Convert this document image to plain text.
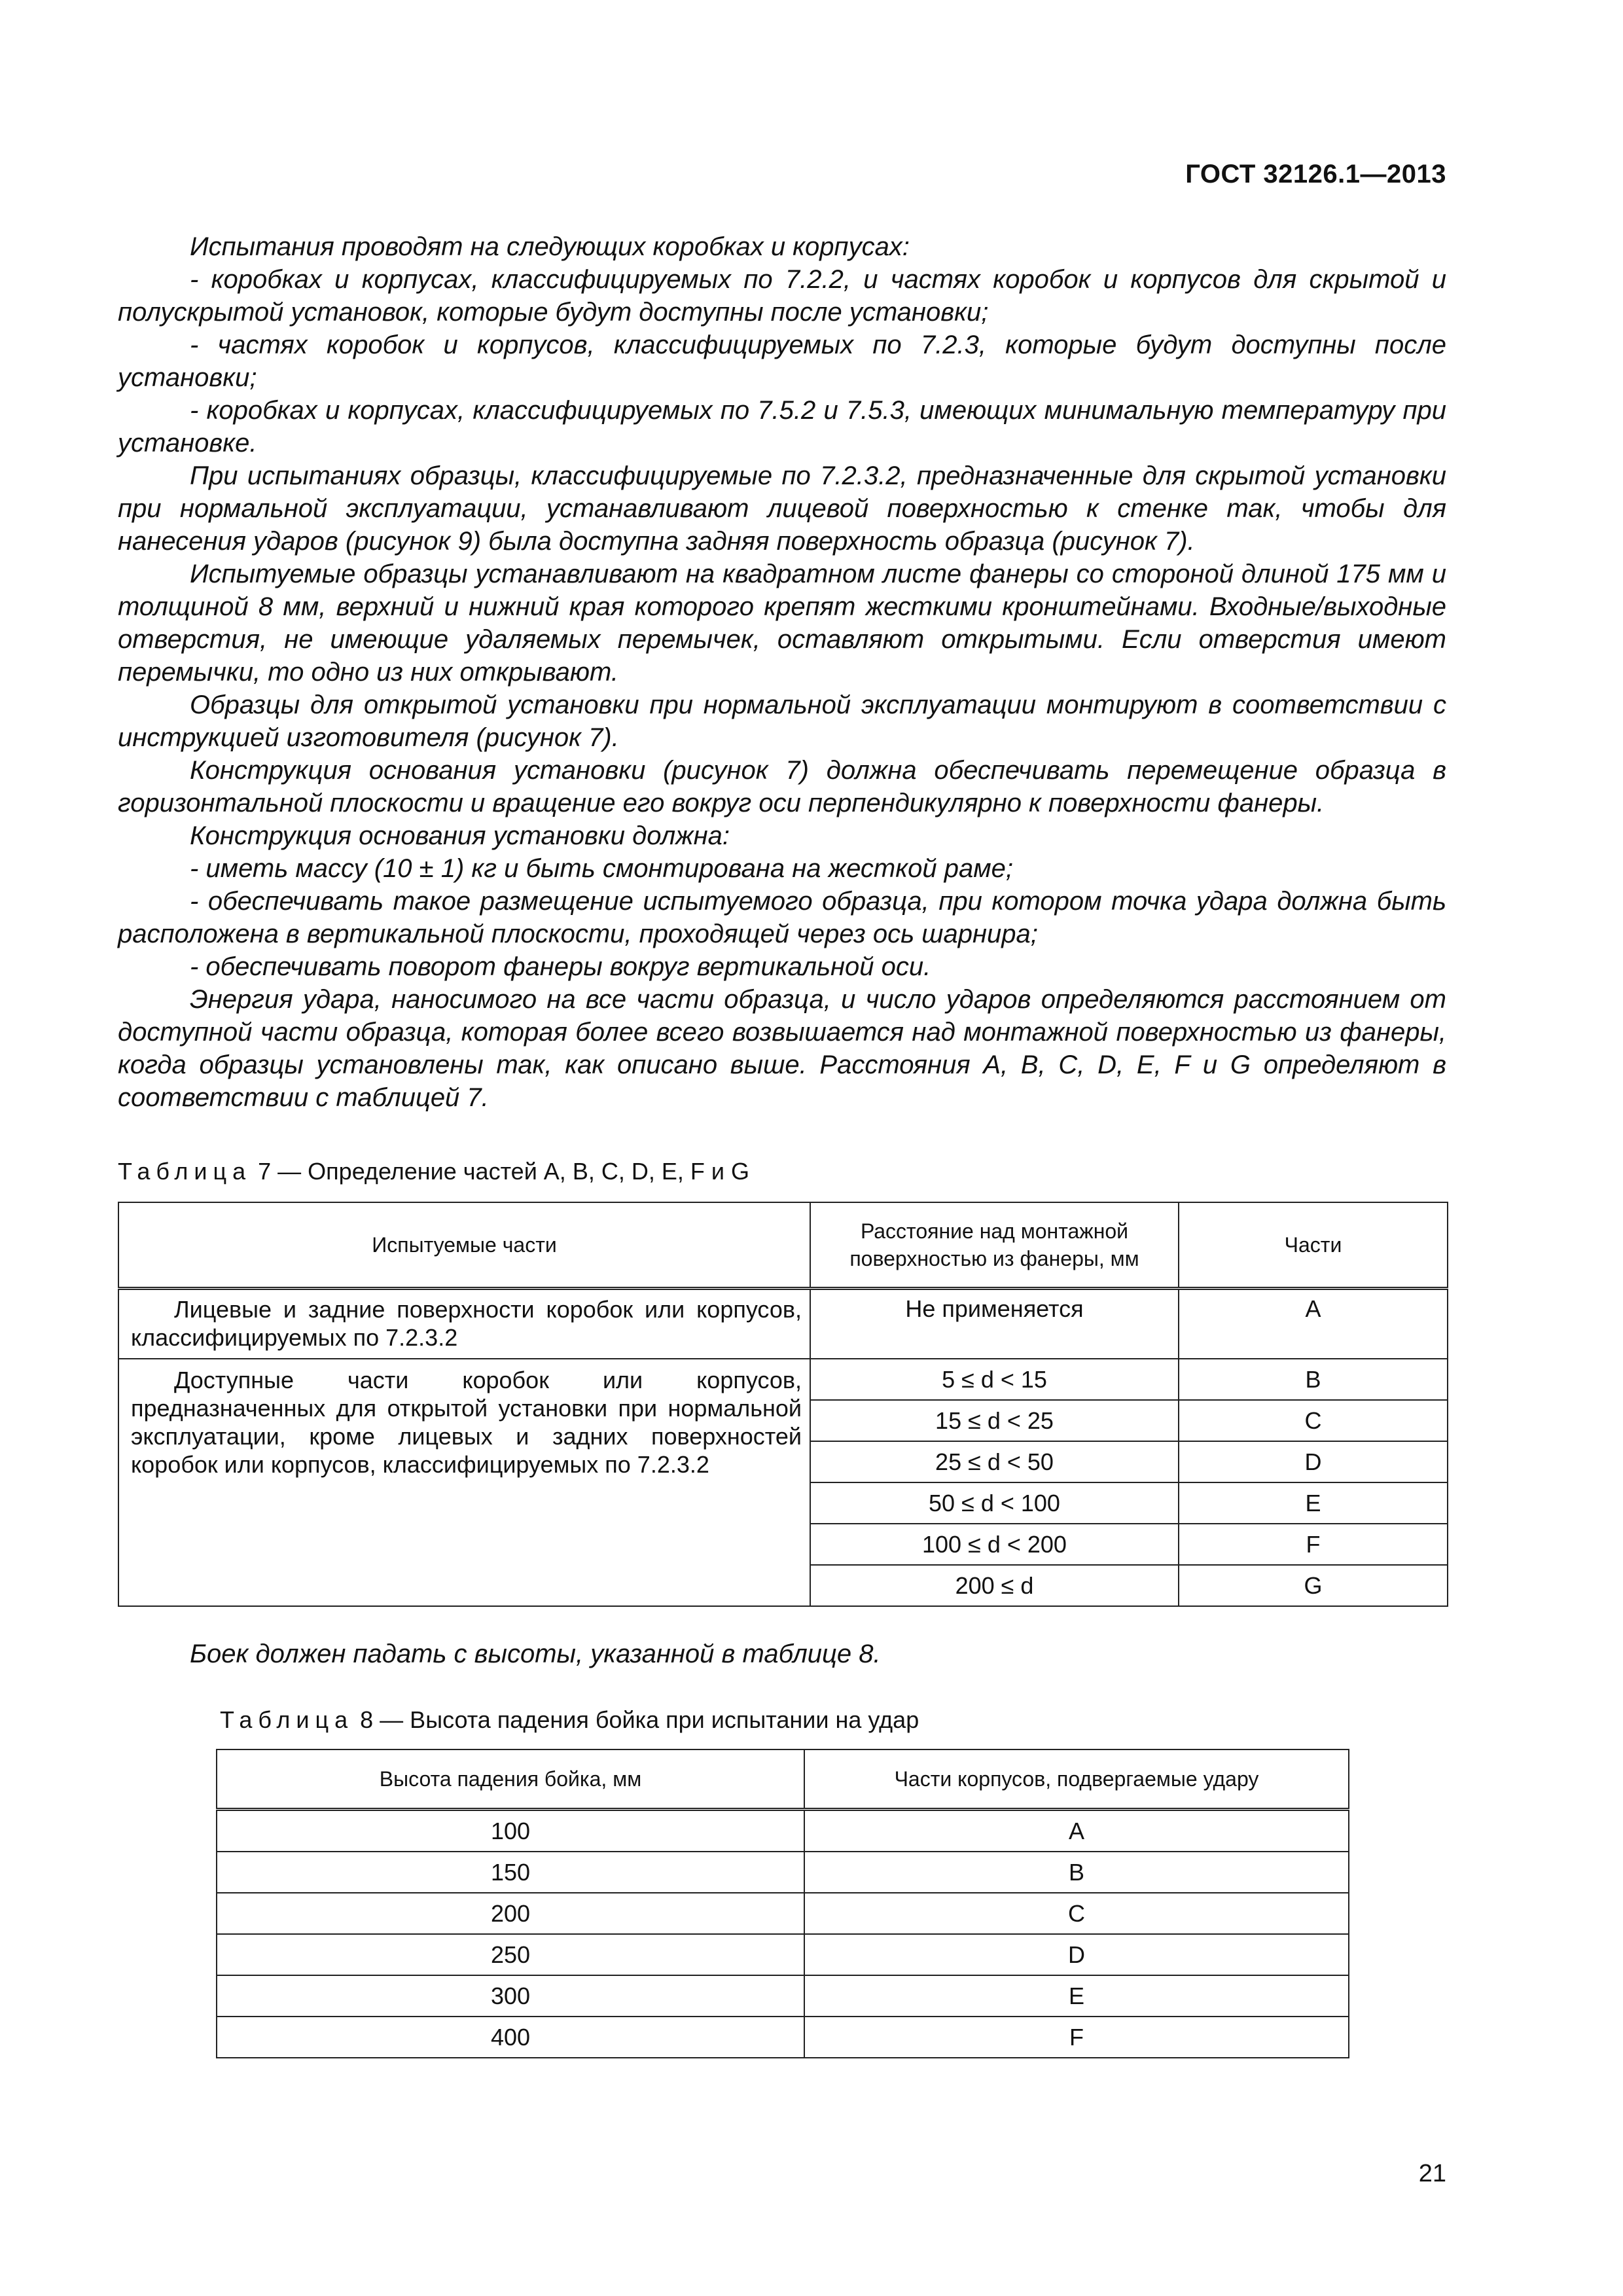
ГОСТ 32126.1—2013

Испытания проводят на следующих коробках и корпусах:

- коробках и корпусах, классифицируемых по 7.2.2, и частях коробок и корпусов для скрытой и полускрытой установок, которые будут доступны после установки;

- частях коробок и корпусов, классифицируемых по 7.2.3, которые будут доступны после установки;

- коробках и корпусах, классифицируемых по 7.5.2 и 7.5.3, имеющих минимальную температуру при установке.

При испытаниях образцы, классифицируемые по 7.2.3.2, предназначенные для скрытой установки при нормальной эксплуатации, устанавливают лицевой поверхностью к стенке так, чтобы для нанесения ударов (рисунок 9) была доступна задняя поверхность образца (рисунок 7).

Испытуемые образцы устанавливают на квадратном листе фанеры со стороной длиной 175 мм и толщиной 8 мм, верхний и нижний края которого крепят жесткими кронштейнами. Входные/выходные отверстия, не имеющие удаляемых перемычек, оставляют открытыми. Если отверстия имеют перемычки, то одно из них открывают.

Образцы для открытой установки при нормальной эксплуатации монтируют в соответствии с инструкцией изготовителя (рисунок 7).

Конструкция основания установки (рисунок 7) должна обеспечивать перемещение образца в горизонтальной плоскости и вращение его вокруг оси перпендикулярно к поверхности фанеры.

Конструкция основания установки должна:

- иметь массу (10 ± 1) кг и быть смонтирована на жесткой раме;

- обеспечивать такое размещение испытуемого образца, при котором точка удара должна быть расположена в вертикальной плоскости, проходящей через ось шарнира;

- обеспечивать поворот фанеры вокруг вертикальной оси.

Энергия удара, наносимого на все части образца, и число ударов определяются расстоянием от доступной части образца, которая более всего возвышается над монтажной поверхностью из фанеры, когда образцы установлены так, как описано выше. Расстояния A, B, C, D, E, F и G определяют в соответствии с таблицей 7.

Таблица 7 — Определение частей A, B, C, D, E, F и G
Испытуемые части	Расстояние над монтажной поверхностью из фанеры, мм	Части
Лицевые и задние поверхности коробок или корпусов, классифицируемых по 7.2.3.2	Не применяется	A
Доступные части коробок или корпусов, предназначенных для открытой установки при нормальной эксплуатации, кроме лицевых и задних поверхностей коробок или корпусов, классифицируемых по 7.2.3.2	5 ≤ d < 15	B
	15 ≤ d < 25	C
	25 ≤ d < 50	D
	50 ≤ d < 100	E
	100 ≤ d < 200	F
	200 ≤ d	G
Боек должен падать с высоты, указанной в таблице 8.
Таблица 8 — Высота падения бойка при испытании на удар
Высота падения бойка, мм	Части корпусов, подвергаемые удару
100	A
150	B
200	C
250	D
300	E
400	F
21
